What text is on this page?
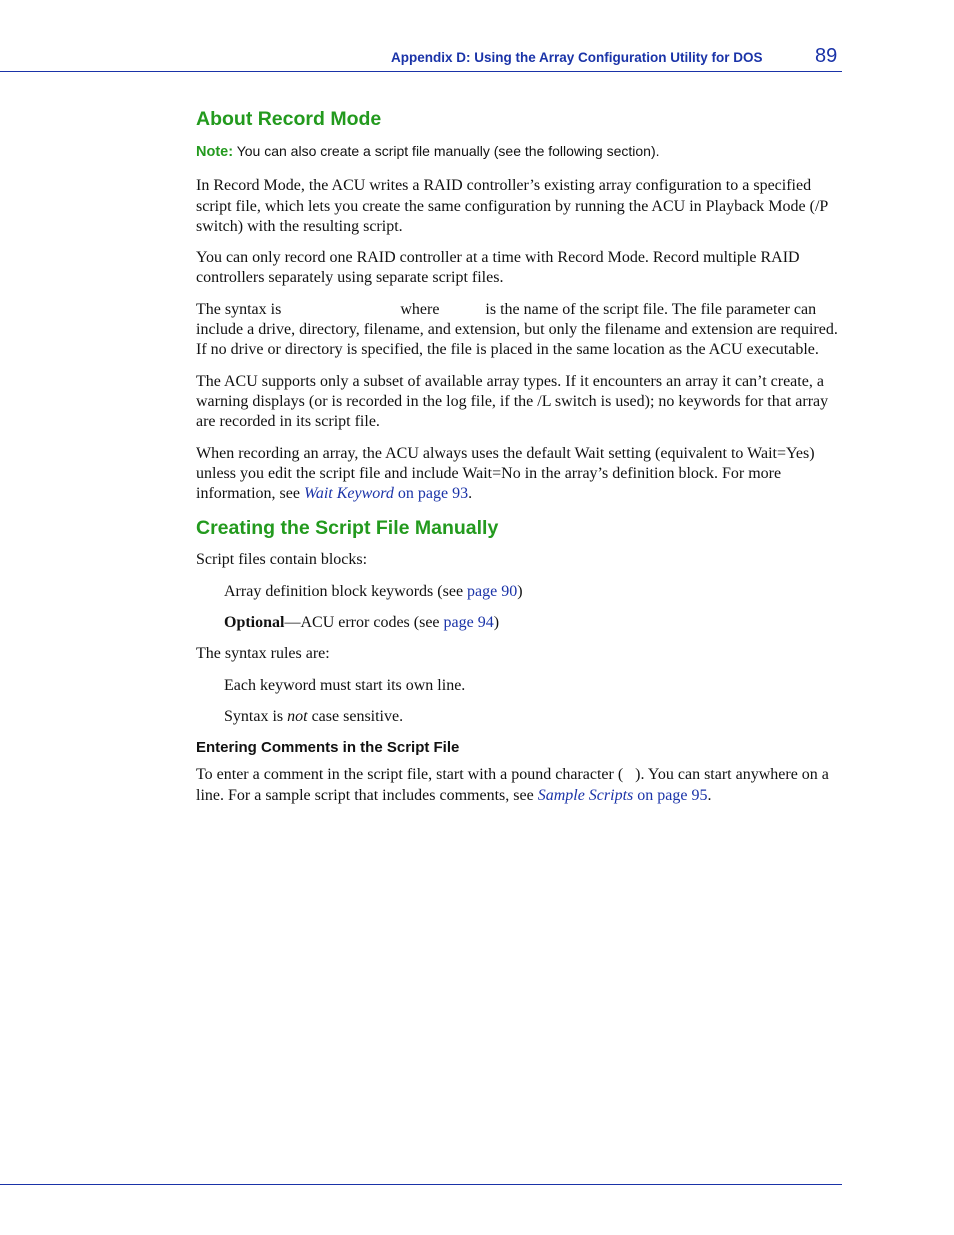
Appendix D: Using the Array Configuration Utility for DOS	89
About Record Mode

Note: You can also create a script file manually (see the following section).

In Record Mode, the ACU writes a RAID controller’s existing array configuration to a specified script file, which lets you create the same configuration by running the ACU in Playback Mode (/P switch) with the resulting script.

You can only record one RAID controller at a time with Record Mode. Record multiple RAID controllers separately using separate script files.

The syntax is	where  is the name of the script file. The file parameter can include a drive, directory, filename, and extension, but only the filename and extension are required. If no drive or directory is specified, the file is placed in the same location as the ACU executable.

The ACU supports only a subset of available array types. If it encounters an array it can’t create, a warning displays (or is recorded in the log file, if the /L switch is used); no keywords for that array are recorded in its script file.

When recording an array, the ACU always uses the default Wait setting (equivalent to Wait=Yes) unless you edit the script file and include Wait=No in the array’s definition block. For more information, see Wait Keyword on page 93.

Creating the Script File Manually

Script files contain blocks:

Array definition block keywords (see page 90)

Optional—ACU error codes (see page 94)

The syntax rules are:

Each keyword must start its own line.

Syntax is not case sensitive.

Entering Comments in the Script File

To enter a comment in the script file, start with a pound character ( ). You can start anywhere on a line. For a sample script that includes comments, see Sample Scripts on page 95.
